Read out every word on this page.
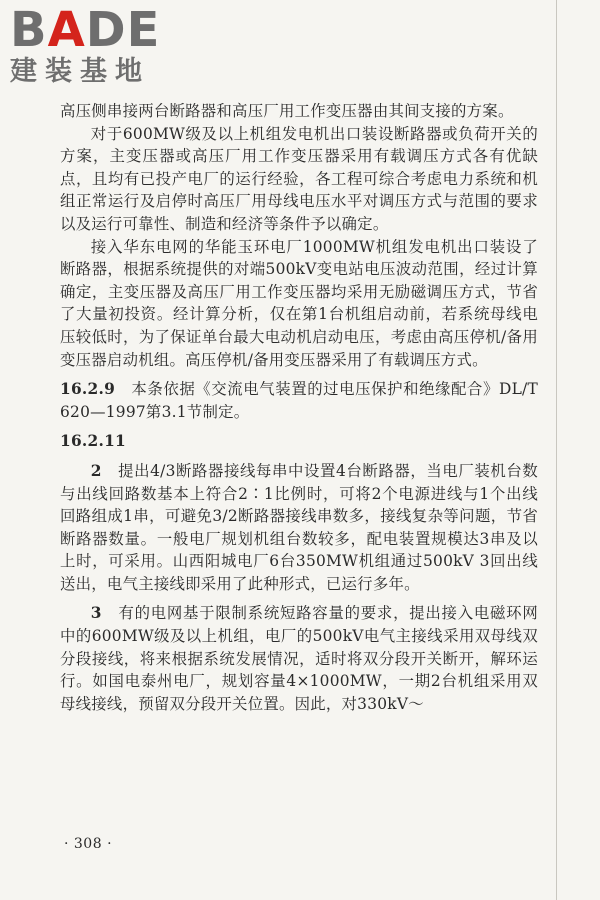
BADE
建装基地

高压侧串接两台断路器和高压厂用工作变压器由其间支接的方案。

对于600MW级及以上机组发电机出口装设断路器或负荷开关的方案，主变压器或高压厂用工作变压器采用有载调压方式各有优缺点，且均有已投产电厂的运行经验，各工程可综合考虑电力系统和机组正常运行及启停时高压厂用母线电压水平对调压方式与范围的要求以及运行可靠性、制造和经济等条件予以确定。

接入华东电网的华能玉环电厂1000MW机组发电机出口装设了断路器，根据系统提供的对端500kV变电站电压波动范围，经过计算确定，主变压器及高压厂用工作变压器均采用无励磁调压方式，节省了大量初投资。经计算分析，仅在第1台机组启动前，若系统母线电压较低时，为了保证单台最大电动机启动电压，考虑由高压停机/备用变压器启动机组。高压停机/备用变压器采用了有载调压方式。

16.2.9　 本条依据《交流电气装置的过电压保护和绝缘配合》DL/T 620—1997第3.1节制定。

16.2.11

2　 提出4/3断路器接线每串中设置4台断路器，当电厂装机台数与出线回路数基本上符合2∶1比例时，可将2个电源进线与1个出线回路组成1串，可避免3/2断路器接线串数多，接线复杂等问题，节省断路器数量。一般电厂规划机组台数较多，配电装置规模达3串及以上时，可采用。山西阳城电厂6台350MW机组通过500kV 3回出线送出，电气主接线即采用了此种形式，已运行多年。

3　 有的电网基于限制系统短路容量的要求，提出接入电磁环网中的600MW级及以上机组，电厂的500kV电气主接线采用双母线双分段接线，将来根据系统发展情况，适时将双分段开关断开，解环运行。如国电泰州电厂，规划容量4×1000MW，一期2台机组采用双母线接线，预留双分段开关位置。因此，对330kV～

· 308 ·
